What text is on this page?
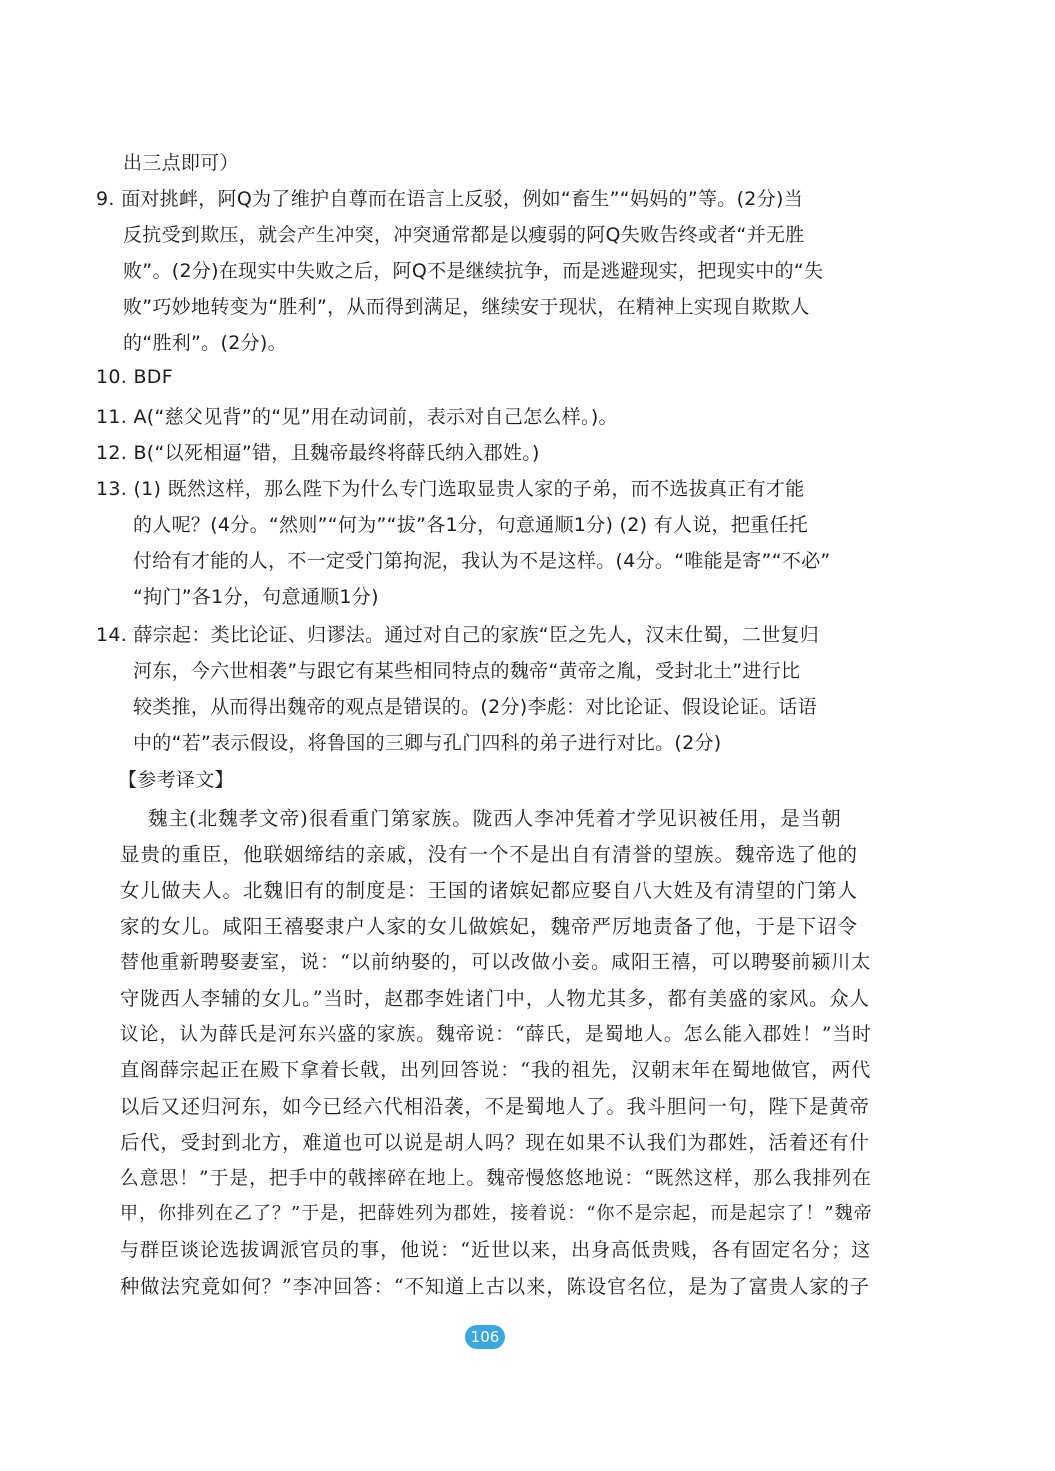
出三点即可）
9. 面对挑衅，阿Q为了维护自尊而在语言上反驳，例如“畜生”“妈妈的”等。(2分)当
反抗受到欺压，就会产生冲突，冲突通常都是以瘦弱的阿Q失败告终或者“并无胜
败”。(2分)在现实中失败之后，阿Q不是继续抗争，而是逃避现实，把现实中的“失
败”巧妙地转变为“胜利”，从而得到满足，继续安于现状，在精神上实现自欺欺人
的“胜利”。(2分)。
10. BDF
11. A(“慈父见背”的“见”用在动词前，表示对自己怎么样。)。
12. B(“以死相逼”错，且魏帝最终将薛氏纳入郡姓。)
13. (1) 既然这样，那么陛下为什么专门选取显贵人家的子弟，而不选拔真正有才能
的人呢？(4分。“然则”“何为”“拔”各1分，句意通顺1分) (2) 有人说，把重任托
付给有才能的人，不一定受门第拘泥，我认为不是这样。(4分。“唯能是寄”“不必”
“拘门”各1分，句意通顺1分)
14. 薛宗起：类比论证、归谬法。通过对自己的家族“臣之先人，汉末仕蜀，二世复归
河东，今六世相袭”与跟它有某些相同特点的魏帝“黄帝之胤，受封北土”进行比
较类推，从而得出魏帝的观点是错误的。(2分)李彪：对比论证、假设论证。话语
中的“若”表示假设，将鲁国的三卿与孔门四科的弟子进行对比。(2分)
【参考译文】
魏主(北魏孝文帝)很看重门第家族。陇西人李冲凭着才学见识被任用，是当朝
显贵的重臣，他联姻缔结的亲戚，没有一个不是出自有清誉的望族。魏帝选了他的
女儿做夫人。北魏旧有的制度是：王国的诸嫔妃都应娶自八大姓及有清望的门第人
家的女儿。咸阳王禧娶隶户人家的女儿做嫔妃，魏帝严厉地责备了他，于是下诏令
替他重新聘娶妻室，说：“以前纳娶的，可以改做小妾。咸阳王禧，可以聘娶前颍川太
守陇西人李辅的女儿。”当时，赵郡李姓诸门中，人物尤其多，都有美盛的家风。众人
议论，认为薛氏是河东兴盛的家族。魏帝说：“薛氏，是蜀地人。怎么能入郡姓！”当时
直阁薛宗起正在殿下拿着长戟，出列回答说：“我的祖先，汉朝末年在蜀地做官，两代
以后又还归河东，如今已经六代相沿袭，不是蜀地人了。我斗胆问一句，陛下是黄帝
后代，受封到北方，难道也可以说是胡人吗？现在如果不认我们为郡姓，活着还有什
么意思！”于是，把手中的戟摔碎在地上。魏帝慢悠悠地说：“既然这样，那么我排列在
甲，你排列在乙了？”于是，把薛姓列为郡姓，接着说：“你不是宗起，而是起宗了！”魏帝
与群臣谈论选拔调派官员的事，他说：“近世以来，出身高低贵贱，各有固定名分；这
种做法究竟如何？”李冲回答：“不知道上古以来，陈设官名位，是为了富贵人家的子
106
